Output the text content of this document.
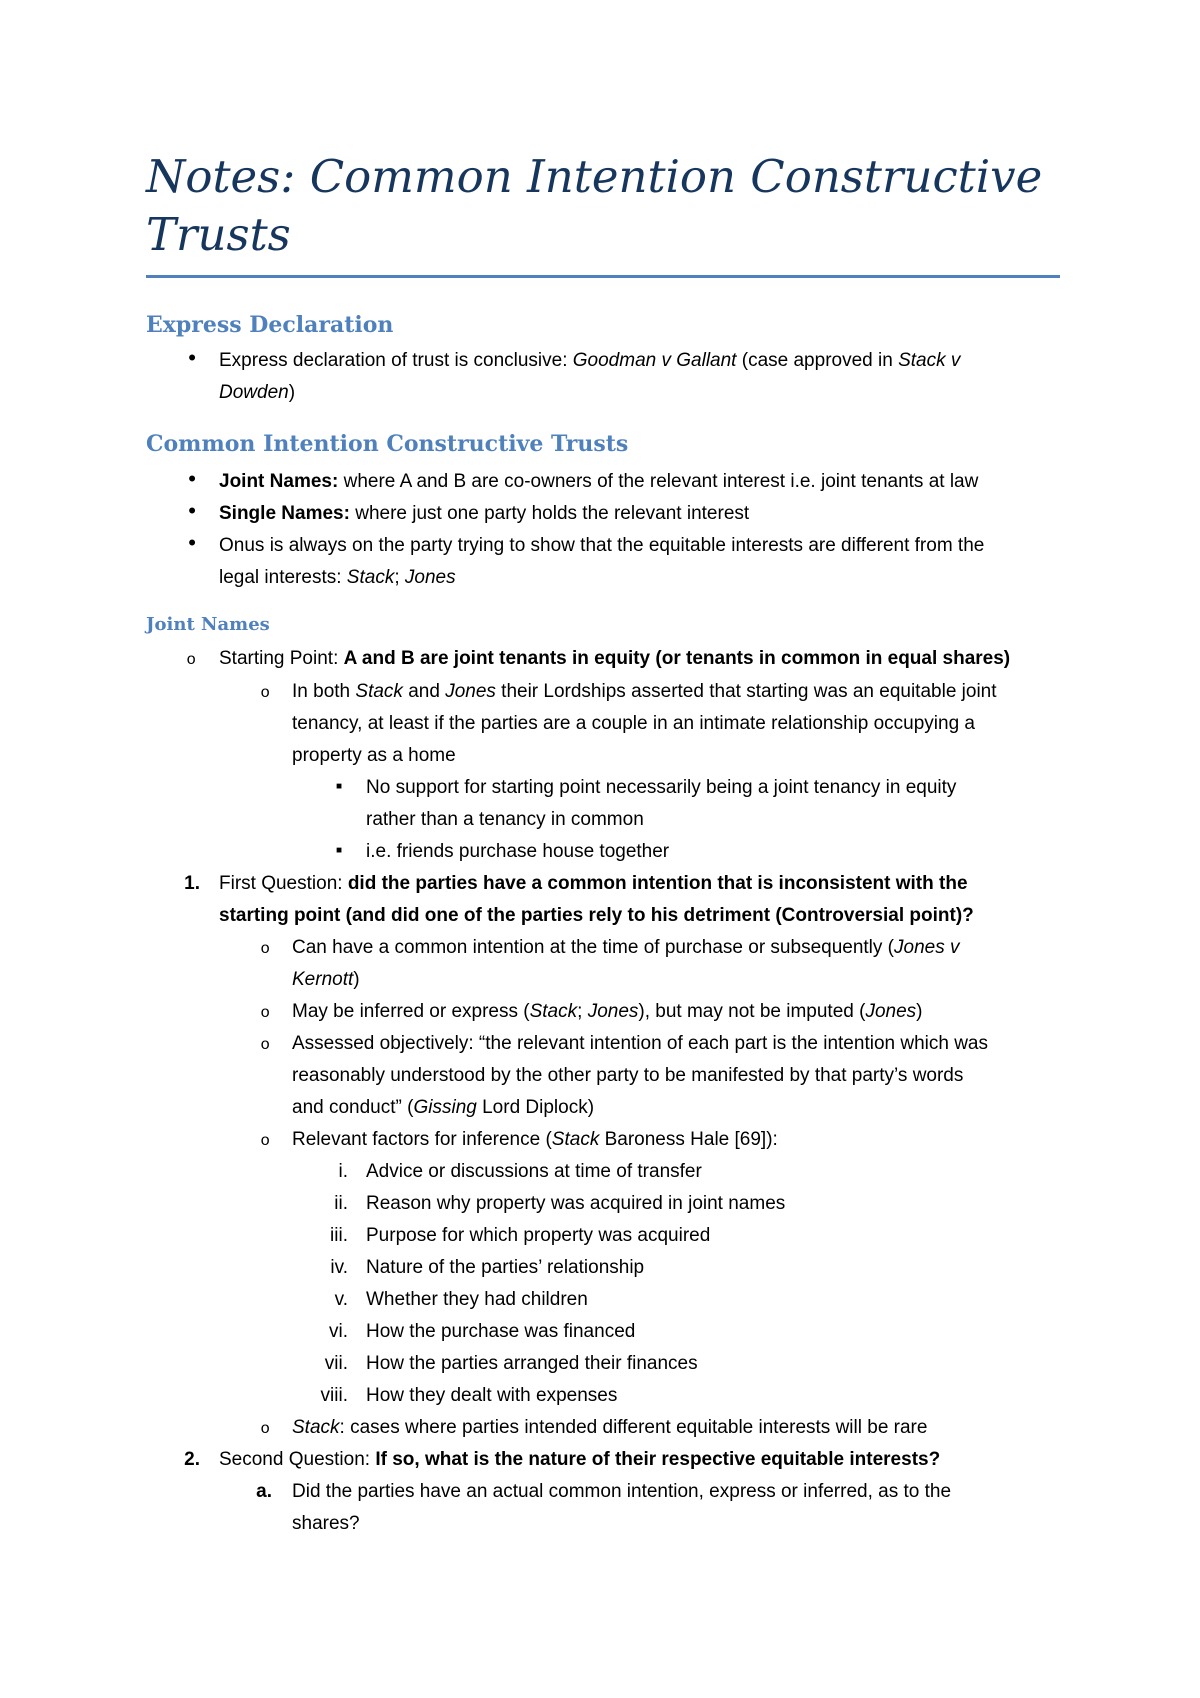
Notes: Common Intention Constructive Trusts
Express Declaration
• Express declaration of trust is conclusive: Goodman v Gallant (case approved in Stack v
Dowden)
Common Intention Constructive Trusts
• Joint Names: where A and B are co-owners of the relevant interest i.e. joint tenants at law
• Single Names: where just one party holds the relevant interest
• Onus is always on the party trying to show that the equitable interests are different from the
legal interests: Stack; Jones
Joint Names
o Starting Point: A and B are joint tenants in equity (or tenants in common in equal shares)
o In both Stack and Jones their Lordships asserted that starting was an equitable joint
tenancy, at least if the parties are a couple in an intimate relationship occupying a
property as a home
■ No support for starting point necessarily being a joint tenancy in equity
rather than a tenancy in common
■ i.e. friends purchase house together
1. First Question: did the parties have a common intention that is inconsistent with the
starting point (and did one of the parties rely to his detriment (Controversial point)?
o Can have a common intention at the time of purchase or subsequently (Jones v
Kernott)
o May be inferred or express (Stack; Jones), but may not be imputed (Jones)
o Assessed objectively: “the relevant intention of each part is the intention which was
reasonably understood by the other party to be manifested by that party’s words
and conduct” (Gissing Lord Diplock)
o Relevant factors for inference (Stack Baroness Hale [69]):
i. Advice or discussions at time of transfer
ii. Reason why property was acquired in joint names
iii. Purpose for which property was acquired
iv. Nature of the parties’ relationship
v. Whether they had children
vi. How the purchase was financed
vii. How the parties arranged their finances
viii. How they dealt with expenses
o Stack: cases where parties intended different equitable interests will be rare
2. Second Question: If so, what is the nature of their respective equitable interests?
a. Did the parties have an actual common intention, express or inferred, as to the
shares?
